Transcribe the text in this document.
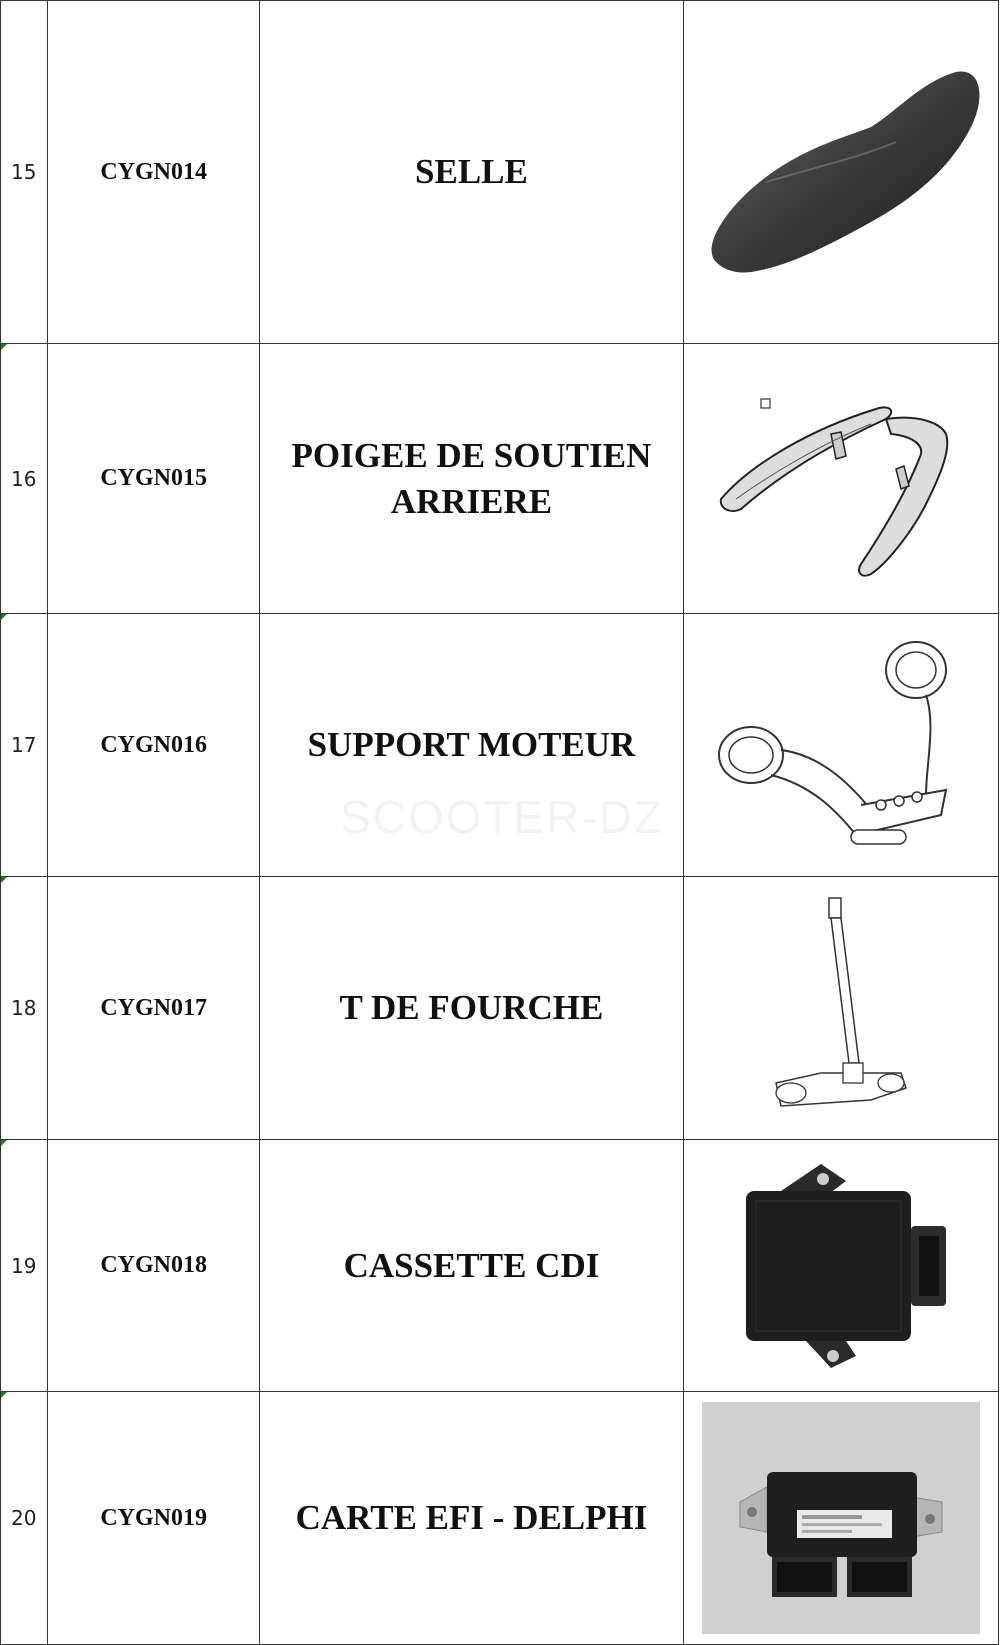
15	CYGN014	SELLE	

16	CYGN015	POIGEE DE SOUTIEN ARRIERE	

17	CYGN016	SUPPORT MOTEUR	

18	CYGN017	T DE FOURCHE	

19	CYGN018	CASSETTE CDI	

20	CYGN019	CARTE EFI - DELPHI	
SCOOTER-DZ
